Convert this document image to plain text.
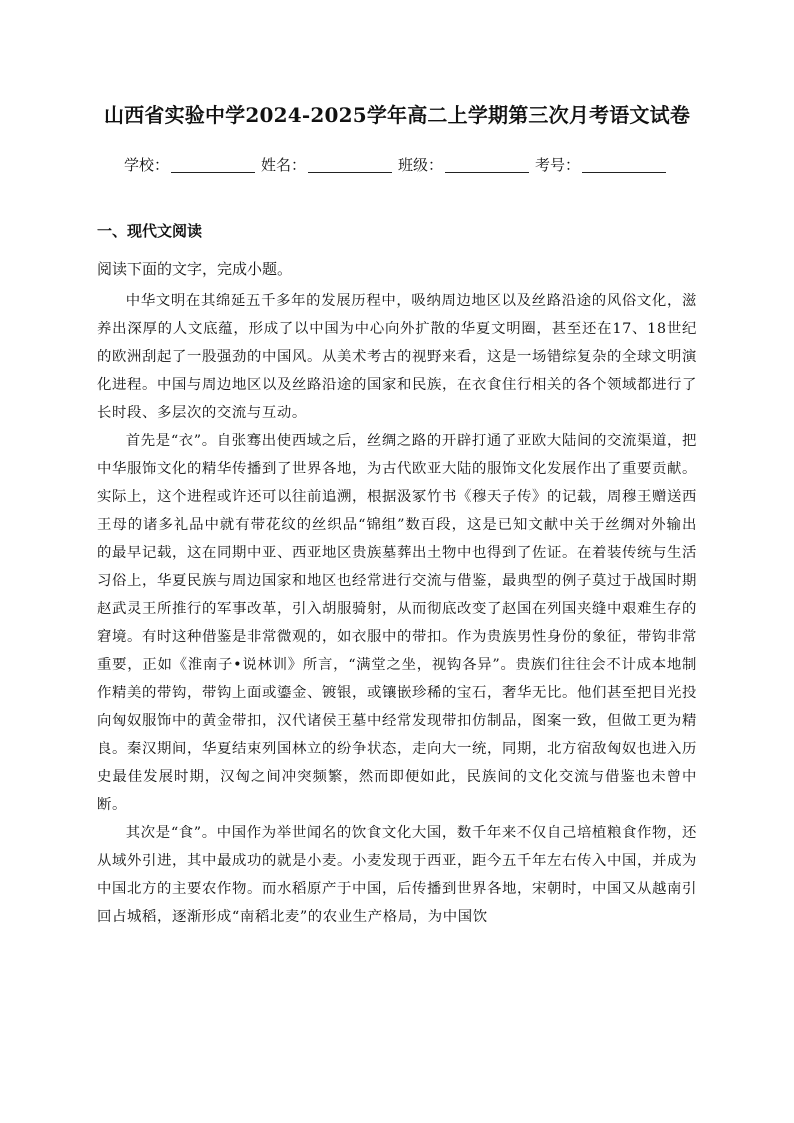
山西省实验中学2024-2025学年高二上学期第三次月考语文试卷
学校：	姓名：	班级：	考号：
一、现代文阅读
阅读下面的文字，完成小题。

中华文明在其绵延五千多年的发展历程中，吸纳周边地区以及丝路沿途的风俗文化，滋养出深厚的人文底蕴，形成了以中国为中心向外扩散的华夏文明圈，甚至还在17、18世纪的欧洲刮起了一股强劲的中国风。从美术考古的视野来看，这是一场错综复杂的全球文明演化进程。中国与周边地区以及丝路沿途的国家和民族，在衣食住行相关的各个领域都进行了长时段、多层次的交流与互动。

首先是“衣”。自张骞出使西域之后，丝绸之路的开辟打通了亚欧大陆间的交流渠道，把中华服饰文化的精华传播到了世界各地，为古代欧亚大陆的服饰文化发展作出了重要贡献。实际上，这个进程或许还可以往前追溯，根据汲冢竹书《穆天子传》的记载，周穆王赠送西王母的诸多礼品中就有带花纹的丝织品“锦组”数百段，这是已知文献中关于丝绸对外输出的最早记载，这在同期中亚、西亚地区贵族墓葬出土物中也得到了佐证。在着装传统与生活习俗上，华夏民族与周边国家和地区也经常进行交流与借鉴，最典型的例子莫过于战国时期赵武灵王所推行的军事改革，引入胡服骑射，从而彻底改变了赵国在列国夹缝中艰难生存的窘境。有时这种借鉴是非常微观的，如衣服中的带扣。作为贵族男性身份的象征，带钩非常重要，正如《淮南子•说林训》所言，“满堂之坐，视钩各异”。贵族们往往会不计成本地制作精美的带钩，带钩上面或鎏金、镀银，或镶嵌珍稀的宝石，奢华无比。他们甚至把目光投向匈奴服饰中的黄金带扣，汉代诸侯王墓中经常发现带扣仿制品，图案一致，但做工更为精良。秦汉期间，华夏结束列国林立的纷争状态，走向大一统，同期，北方宿敌匈奴也进入历史最佳发展时期，汉匈之间冲突频繁，然而即便如此，民族间的文化交流与借鉴也未曾中断。

其次是“食”。中国作为举世闻名的饮食文化大国，数千年来不仅自己培植粮食作物，还从域外引进，其中最成功的就是小麦。小麦发现于西亚，距今五千年左右传入中国，并成为中国北方的主要农作物。而水稻原产于中国，后传播到世界各地，宋朝时，中国又从越南引回占城稻，逐渐形成“南稻北麦”的农业生产格局，为中国饮
